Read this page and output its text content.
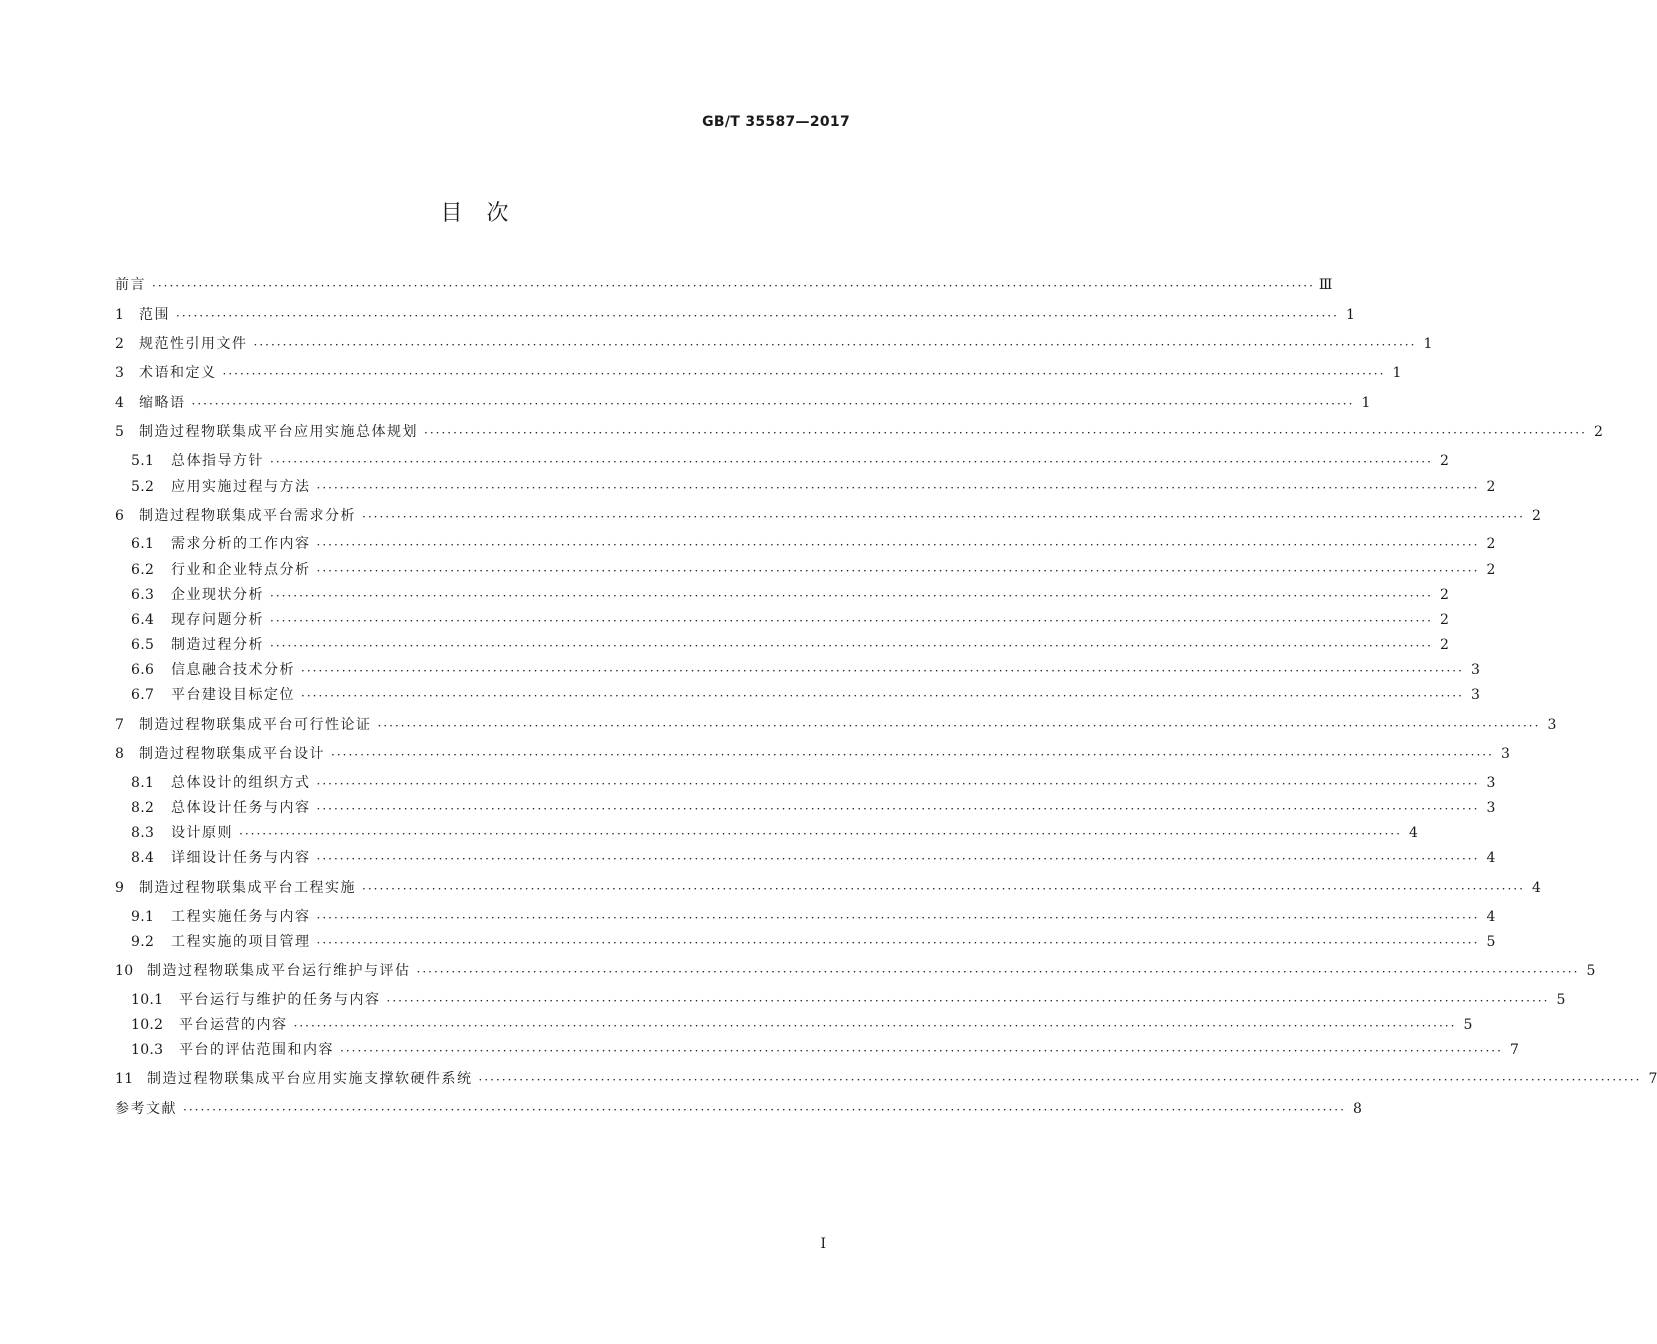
GB/T 35587—2017
目　次
前言 ········································································································································································································ Ⅲ
1	范围 ········································································································································································································ 1
2	规范性引用文件 ········································································································································································································ 1
3	术语和定义 ········································································································································································································ 1
4	缩略语 ········································································································································································································ 1
5	制造过程物联集成平台应用实施总体规划 ········································································································································································································ 2
5.1	总体指导方针 ········································································································································································································ 2
5.2	应用实施过程与方法 ········································································································································································································ 2
6	制造过程物联集成平台需求分析 ········································································································································································································ 2
6.1	需求分析的工作内容 ········································································································································································································ 2
6.2	行业和企业特点分析 ········································································································································································································ 2
6.3	企业现状分析 ········································································································································································································ 2
6.4	现存问题分析 ········································································································································································································ 2
6.5	制造过程分析 ········································································································································································································ 2
6.6	信息融合技术分析 ········································································································································································································ 3
6.7	平台建设目标定位 ········································································································································································································ 3
7	制造过程物联集成平台可行性论证 ········································································································································································································ 3
8	制造过程物联集成平台设计 ········································································································································································································ 3
8.1	总体设计的组织方式 ········································································································································································································ 3
8.2	总体设计任务与内容 ········································································································································································································ 3
8.3	设计原则 ········································································································································································································ 4
8.4	详细设计任务与内容 ········································································································································································································ 4
9	制造过程物联集成平台工程实施 ········································································································································································································ 4
9.1	工程实施任务与内容 ········································································································································································································ 4
9.2	工程实施的项目管理 ········································································································································································································ 5
10 制造过程物联集成平台运行维护与评估 ········································································································································································································ 5
10.1	平台运行与维护的任务与内容 ········································································································································································································ 5
10.2	平台运营的内容 ········································································································································································································ 5
10.3	平台的评估范围和内容 ········································································································································································································ 7
11 制造过程物联集成平台应用实施支撑软硬件系统 ········································································································································································································ 7
参考文献 ········································································································································································································ 8
I
